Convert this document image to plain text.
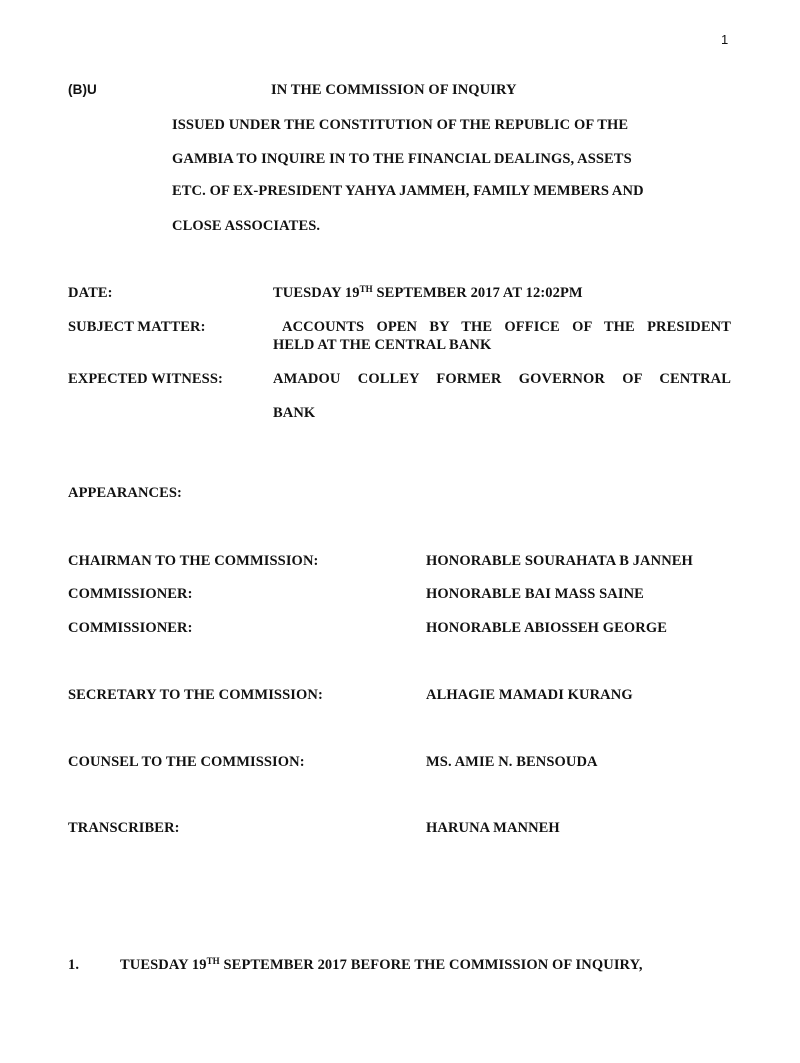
1
(B)U	IN THE COMMISSION OF INQUIRY
ISSUED UNDER THE CONSTITUTION OF THE REPUBLIC OF THE
GAMBIA TO INQUIRE IN TO THE FINANCIAL DEALINGS, ASSETS
ETC. OF EX-PRESIDENT YAHYA JAMMEH, FAMILY MEMBERS AND
CLOSE ASSOCIATES.
DATE:	TUESDAY 19TH SEPTEMBER 2017 AT 12:02PM
SUBJECT MATTER:	ACCOUNTS OPEN BY THE OFFICE OF THE PRESIDENT
HELD AT THE CENTRAL BANK
EXPECTED WITNESS:	AMADOU COLLEY FORMER GOVERNOR OF CENTRAL
BANK
APPEARANCES:
CHAIRMAN TO THE COMMISSION:	HONORABLE SOURAHATA B JANNEH
COMMISSIONER:	HONORABLE BAI MASS SAINE
COMMISSIONER:	HONORABLE ABIOSSEH GEORGE
SECRETARY TO THE COMMISSION:	ALHAGIE MAMADI KURANG
COUNSEL TO THE COMMISSION:	MS. AMIE N. BENSOUDA
TRANSCRIBER:	HARUNA MANNEH
1.	TUESDAY 19TH SEPTEMBER 2017 BEFORE THE COMMISSION OF INQUIRY,
